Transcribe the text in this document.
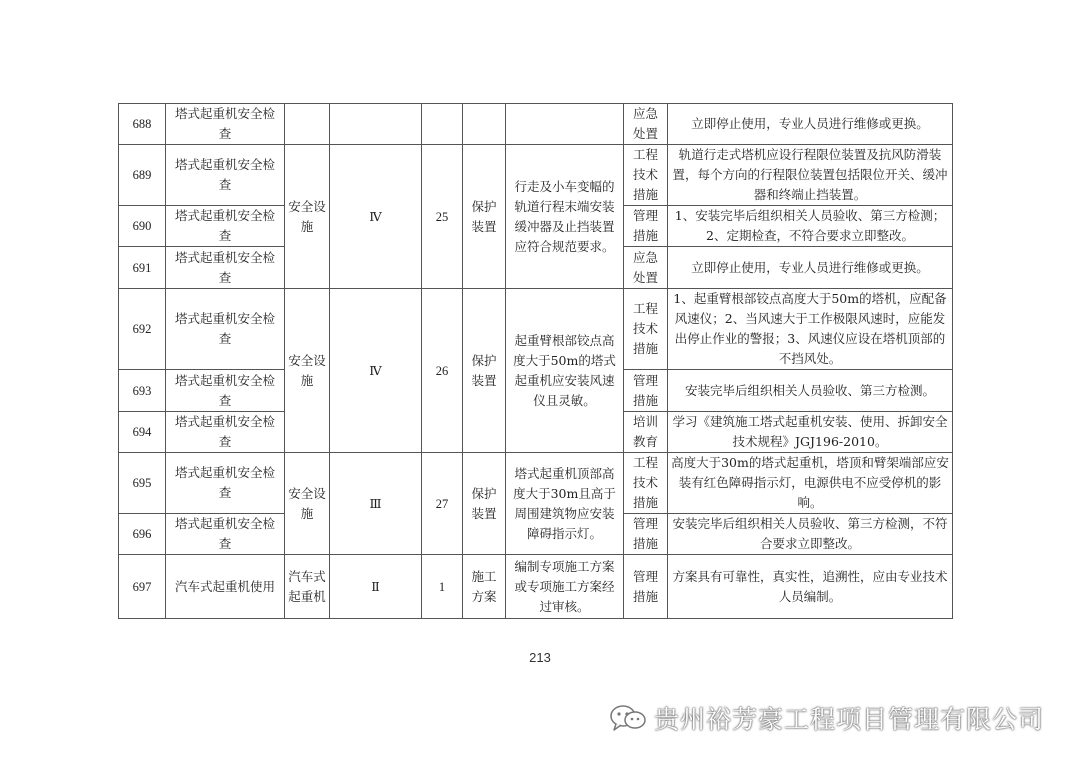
688	塔式起重机安全检查						应急处置	立即停止使用，专业人员进行维修或更换。
689	塔式起重机安全检查	安全设施	Ⅳ	25	保护装置	行走及小车变幅的轨道行程末端安装缓冲器及止挡装置应符合规范要求。	工程技术措施	轨道行走式塔机应设行程限位装置及抗风防滑装置，每个方向的行程限位装置包括限位开关、缓冲器和终端止挡装置。
690	塔式起重机安全检查						管理措施	1、安装完毕后组织相关人员验收、第三方检测；2、定期检查，不符合要求立即整改。
691	塔式起重机安全检查						应急处置	立即停止使用，专业人员进行维修或更换。
692	塔式起重机安全检查	安全设施	Ⅳ	26	保护装置	起重臂根部铰点高度大于50m的塔式起重机应安装风速仪且灵敏。	工程技术措施	1、起重臂根部铰点高度大于50m的塔机，应配备风速仪；2、当风速大于工作极限风速时，应能发出停止作业的警报；3、风速仪应设在塔机顶部的不挡风处。
693	塔式起重机安全检查						管理措施	安装完毕后组织相关人员验收、第三方检测。
694	塔式起重机安全检查						培训教育	学习《建筑施工塔式起重机安装、使用、拆卸安全技术规程》JGJ196-2010。
695	塔式起重机安全检查	安全设施	Ⅲ	27	保护装置	塔式起重机顶部高度大于30m且高于周围建筑物应安装障碍指示灯。	工程技术措施	高度大于30m的塔式起重机，塔顶和臂架端部应安装有红色障碍指示灯，电源供电不应受停机的影响。
696	塔式起重机安全检查						管理措施	安装完毕后组织相关人员验收、第三方检测，不符合要求立即整改。
697	汽车式起重机使用	汽车式起重机	Ⅱ	1	施工方案	编制专项施工方案或专项施工方案经过审核。	管理措施	方案具有可靠性，真实性，追溯性，应由专业技术人员编制。
213
贵州裕芳豪工程项目管理有限公司
